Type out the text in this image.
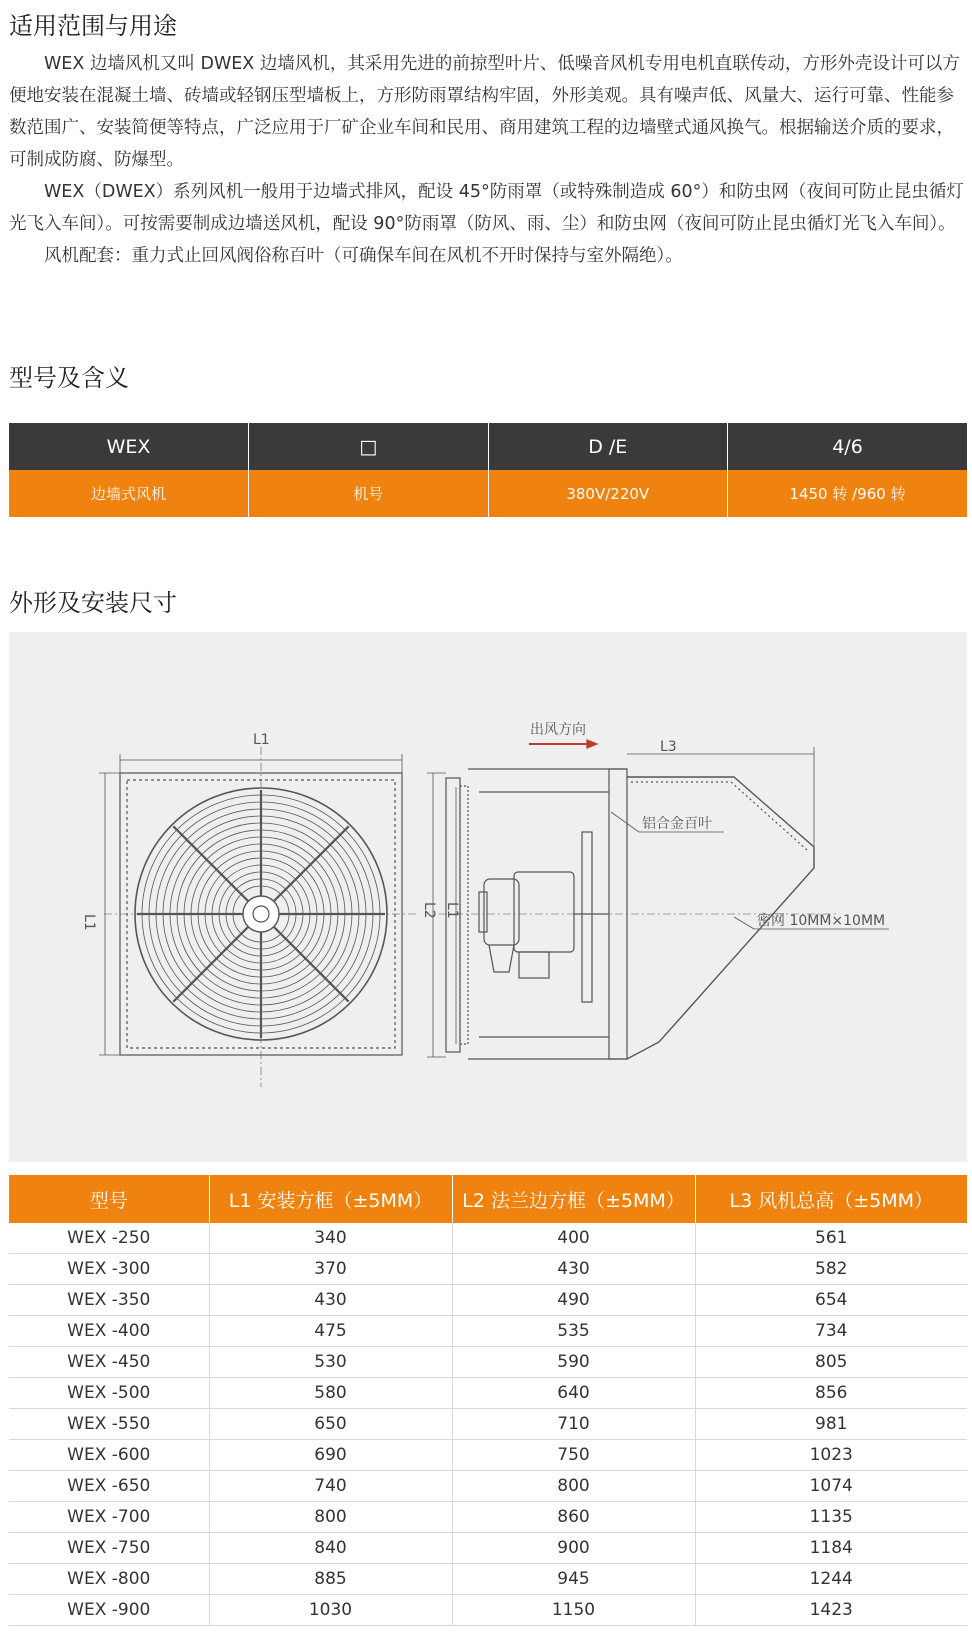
适用范围与用途

WEX 边墙风机又叫 DWEX 边墙风机，其采用先进的前掠型叶片、低噪音风机专用电机直联传动，方形外壳设计可以方便地安装在混凝土墙、砖墙或轻钢压型墙板上，方形防雨罩结构牢固，外形美观。具有噪声低、风量大、运行可靠、性能参数范围广、安装简便等特点，广泛应用于厂矿企业车间和民用、商用建筑工程的边墙壁式通风换气。根据输送介质的要求，可制成防腐、防爆型。

WEX（DWEX）系列风机一般用于边墙式排风，配设 45°防雨罩（或特殊制造成 60°）和防虫网（夜间可防止昆虫循灯光飞入车间）。可按需要制成边墙送风机，配设 90°防雨罩（防风、雨、尘）和防虫网（夜间可防止昆虫循灯光飞入车间）。

风机配套：重力式止回风阀俗称百叶（可确保车间在风机不开时保持与室外隔绝）。

型号及含义
WEX	□	D /E	4/6
边墙式风机	机号	380V/220V	1450 转 /960 转
外形及安装尺寸
L1
L1
出风方向
L3
铝合金百叶
密网 10MM×10MM
L2 L1
型号	L1 安装方框（±5MM）	L2 法兰边方框（±5MM）	L3 风机总高（±5MM）
WEX -250	340	400	561
WEX -300	370	430	582
WEX -350	430	490	654
WEX -400	475	535	734
WEX -450	530	590	805
WEX -500	580	640	856
WEX -550	650	710	981
WEX -600	690	750	1023
WEX -650	740	800	1074
WEX -700	800	860	1135
WEX -750	840	900	1184
WEX -800	885	945	1244
WEX -900	1030	1150	1423
